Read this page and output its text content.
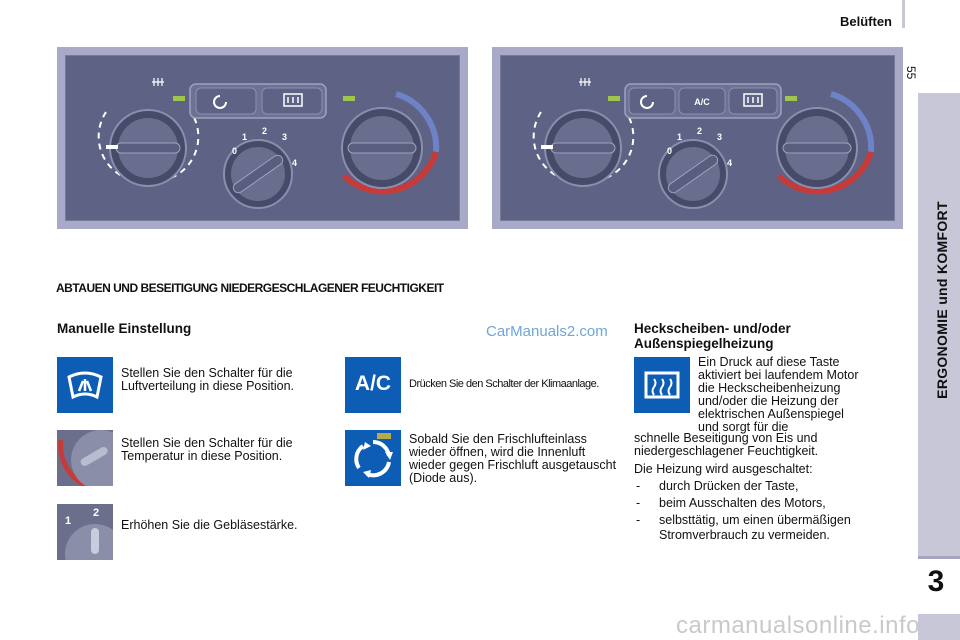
Belüften
55
ERGONOMIE und KOMFORT
3
0
1
2
3
4
A/C
0
1
2
3
4
ABTAUEN UND BESEITIGUNG NIEDERGESCHLAGENER FEUCHTIGKEIT
Manuelle Einstellung
Stellen Sie den Schalter für die Luftverteilung in diese Position.
Stellen Sie den Schalter für die Temperatur in diese Position.
1
2
Erhöhen Sie die Gebläsestärke.
CarManuals2.com
A/C	Drücken Sie den Schalter der Klimaanlage.
Sobald Sie den Frischlufteinlass wieder öffnen, wird die Innenluft wieder gegen Frischluft ausgetauscht (Diode aus).
Heckscheiben- und/oder
Außenspiegelheizung
Ein Druck auf diese Taste
aktiviert bei laufendem Motor
die Heckscheibenheizung
und/oder die Heizung der
elektrischen Außenspiegel
und sorgt für die
schnelle Beseitigung von Eis und niedergeschlagener Feuchtigkeit.
Die Heizung wird ausgeschaltet:
- durch Drücken der Taste,
- beim Ausschalten des Motors,
- selbsttätig, um einen übermäßigen Stromverbrauch zu vermeiden.
carmanualsonline.info
